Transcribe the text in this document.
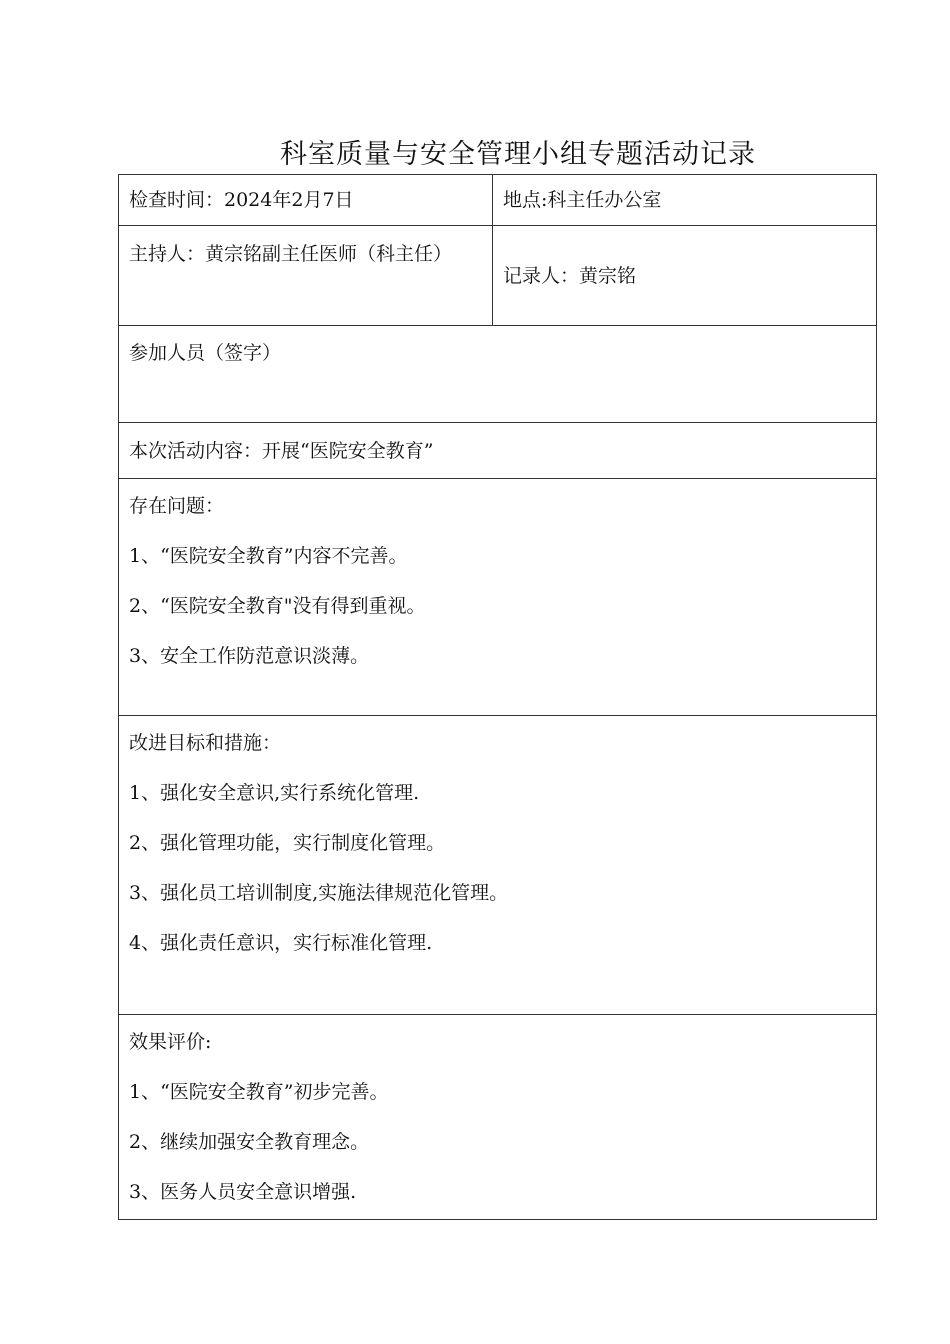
科室质量与安全管理小组专题活动记录
检查时间：2024年2月7日	地点:科主任办公室
主持人：黄宗铭副主任医师（科主任）	记录人：黄宗铭

参加人员（签字）	

本次活动内容：开展“医院安全教育”	

存在问题：
1、“医院安全教育”内容不完善。
2、“医院安全教育"没有得到重视。
3、安全工作防范意识淡薄。	

改进目标和措施：
1、强化安全意识,实行系统化管理.
2、强化管理功能，实行制度化管理。
3、强化员工培训制度,实施法律规范化管理。
4、强化责任意识，实行标准化管理.	

效果评价:
1、“医院安全教育”初步完善。
2、继续加强安全教育理念。
3、医务人员安全意识增强.	
